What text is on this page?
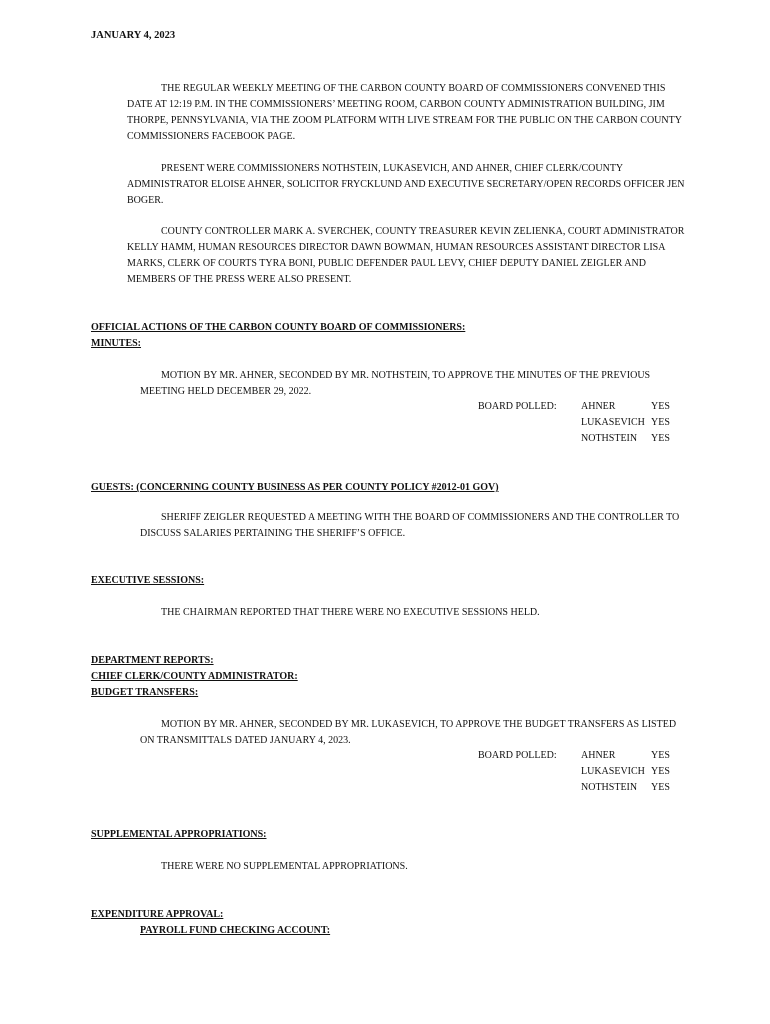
JANUARY 4, 2023

THE REGULAR WEEKLY MEETING OF THE CARBON COUNTY BOARD OF COMMISSIONERS CONVENED THIS DATE AT 12:19 P.M. IN THE COMMISSIONERS’ MEETING ROOM, CARBON COUNTY ADMINISTRATION BUILDING, JIM THORPE, PENNSYLVANIA, VIA THE ZOOM PLATFORM WITH LIVE STREAM FOR THE PUBLIC ON THE CARBON COUNTY COMMISSIONERS FACEBOOK PAGE.

PRESENT WERE COMMISSIONERS NOTHSTEIN, LUKASEVICH, AND AHNER, CHIEF CLERK/COUNTY ADMINISTRATOR ELOISE AHNER, SOLICITOR FRYCKLUND AND EXECUTIVE SECRETARY/OPEN RECORDS OFFICER JEN BOGER.

COUNTY CONTROLLER MARK A. SVERCHEK, COUNTY TREASURER KEVIN ZELIENKA, COURT ADMINISTRATOR KELLY HAMM, HUMAN RESOURCES DIRECTOR DAWN BOWMAN, HUMAN RESOURCES ASSISTANT DIRECTOR LISA MARKS, CLERK OF COURTS TYRA BONI, PUBLIC DEFENDER PAUL LEVY, CHIEF DEPUTY DANIEL ZEIGLER AND MEMBERS OF THE PRESS WERE ALSO PRESENT.

OFFICIAL ACTIONS OF THE CARBON COUNTY BOARD OF COMMISSIONERS:
MINUTES:

MOTION BY MR. AHNER, SECONDED BY MR. NOTHSTEIN, TO APPROVE THE MINUTES OF THE PREVIOUS MEETING HELD DECEMBER 29, 2022.

BOARD POLLED: AHNER	YES
LUKASEVICH YES
NOTHSTEIN YES
GUESTS: (CONCERNING COUNTY BUSINESS AS PER COUNTY POLICY #2012-01 GOV)

SHERIFF ZEIGLER REQUESTED A MEETING WITH THE BOARD OF COMMISSIONERS AND THE CONTROLLER TO DISCUSS SALARIES PERTAINING THE SHERIFF’S OFFICE.

EXECUTIVE SESSIONS:

THE CHAIRMAN REPORTED THAT THERE WERE NO EXECUTIVE SESSIONS HELD.

DEPARTMENT REPORTS:
CHIEF CLERK/COUNTY ADMINISTRATOR:
BUDGET TRANSFERS:

MOTION BY MR. AHNER, SECONDED BY MR. LUKASEVICH, TO APPROVE THE BUDGET TRANSFERS AS LISTED ON TRANSMITTALS DATED JANUARY 4, 2023.

BOARD POLLED: AHNER	YES
LUKASEVICH YES
NOTHSTEIN YES
SUPPLEMENTAL APPROPRIATIONS:

THERE WERE NO SUPPLEMENTAL APPROPRIATIONS.

EXPENDITURE APPROVAL:
PAYROLL FUND CHECKING ACCOUNT:
